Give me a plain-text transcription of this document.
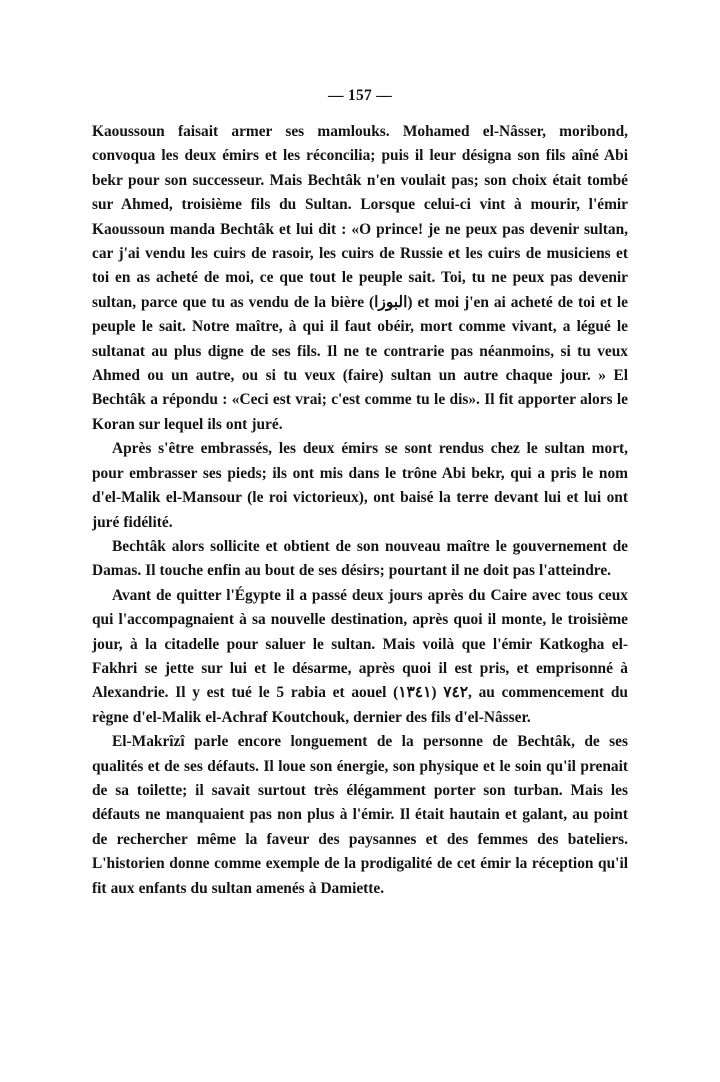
— 157 —

Kaoussoun faisait armer ses mamlouks. Mohamed el-Nâsser, moribond, convoqua les deux émirs et les réconcilia; puis il leur désigna son fils aîné Abi bekr pour son successeur. Mais Bechtâk n'en voulait pas; son choix était tombé sur Ahmed, troisième fils du Sultan. Lorsque celui-ci vint à mourir, l'émir Kaoussoun manda Bechtâk et lui dit : «O prince! je ne peux pas devenir sultan, car j'ai vendu les cuirs de rasoir, les cuirs de Russie et les cuirs de musiciens et toi en as acheté de moi, ce que tout le peuple sait. Toi, tu ne peux pas devenir sultan, parce que tu as vendu de la bière (البوزا) et moi j'en ai acheté de toi et le peuple le sait. Notre maître, à qui il faut obéir, mort comme vivant, a légué le sultanat au plus digne de ses fils. Il ne te contrarie pas néanmoins, si tu veux Ahmed ou un autre, ou si tu veux (faire) sultan un autre chaque jour. » El Bechtâk a répondu : «Ceci est vrai; c'est comme tu le dis». Il fit apporter alors le Koran sur lequel ils ont juré.

Après s'être embrassés, les deux émirs se sont rendus chez le sultan mort, pour embrasser ses pieds; ils ont mis dans le trône Abi bekr, qui a pris le nom d'el-Malik el-Mansour (le roi victorieux), ont baisé la terre devant lui et lui ont juré fidélité.

Bechtâk alors sollicite et obtient de son nouveau maître le gouvernement de Damas. Il touche enfin au bout de ses désirs; pourtant il ne doit pas l'atteindre.

Avant de quitter l'Égypte il a passé deux jours après du Caire avec tous ceux qui l'accompagnaient à sa nouvelle destination, après quoi il monte, le troisième jour, à la citadelle pour saluer le sultan. Mais voilà que l'émir Katkogha el-Fakhri se jette sur lui et le désarme, après quoi il est pris, et emprisonné à Alexandrie. Il y est tué le 5 rabia et aouel ٧٤٢ (١٣٤١), au commencement du règne d'el-Malik el-Achraf Koutchouk, dernier des fils d'el-Nâsser.

El-Makrîzî parle encore longuement de la personne de Bechtâk, de ses qualités et de ses défauts. Il loue son énergie, son physique et le soin qu'il prenait de sa toilette; il savait surtout très élégamment porter son turban. Mais les défauts ne manquaient pas non plus à l'émir. Il était hautain et galant, au point de rechercher même la faveur des paysannes et des femmes des bateliers. L'historien donne comme exemple de la prodigalité de cet émir la réception qu'il fit aux enfants du sultan amenés à Damiette.
